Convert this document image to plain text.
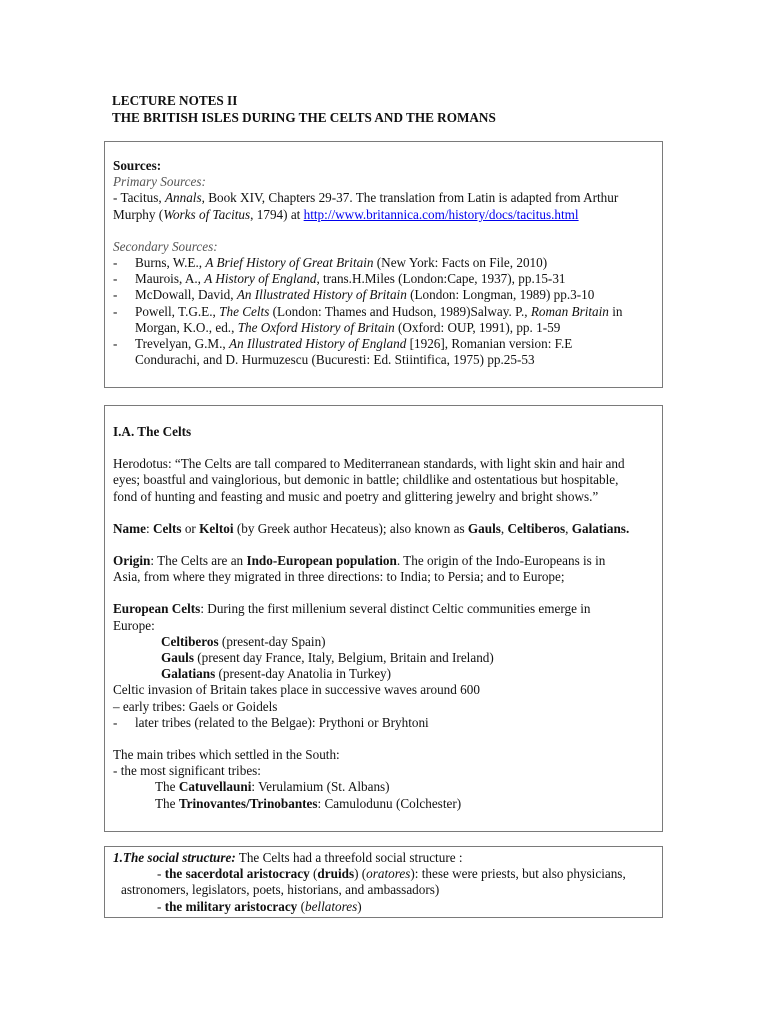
LECTURE NOTES II
THE BRITISH ISLES DURING THE CELTS AND THE ROMANS
Sources:
Primary Sources:
- Tacitus, Annals, Book XIV, Chapters 29-37. The translation from Latin is adapted from Arthur
Murphy (Works of Tacitus, 1794) at http://www.britannica.com/history/docs/tacitus.html
Secondary Sources:
-	Burns, W.E., A Brief History of Great Britain (New York: Facts on File, 2010)
-	Maurois, A., A History of England, trans.H.Miles (London:Cape, 1937), pp.15-31
-	McDowall, David, An Illustrated History of Britain (London: Longman, 1989) pp.3-10
-	Powell, T.G.E., The Celts (London: Thames and Hudson, 1989)Salway. P., Roman Britain in
Morgan, K.O., ed., The Oxford History of Britain (Oxford: OUP, 1991), pp. 1-59
-	Trevelyan, G.M., An Illustrated History of England [1926], Romanian version: F.E
Condurachi, and D. Hurmuzescu (Bucuresti: Ed. Stiintifica, 1975) pp.25-53
I.A. The Celts
Herodotus: “The Celts are tall compared to Mediterranean standards, with light skin and hair and
eyes; boastful and vainglorious, but demonic in battle; childlike and ostentatious but hospitable,
fond of hunting and feasting and music and poetry and glittering jewelry and bright shows.”
Name: Celts or Keltoi (by Greek author Hecateus); also known as Gauls, Celtiberos, Galatians.
Origin: The Celts are an Indo-European population. The origin of the Indo-Europeans is in
Asia, from where they migrated in three directions: to India; to Persia; and to Europe;
European Celts: During the first millenium several distinct Celtic communities emerge in
Europe:
Celtiberos (present-day Spain)
Gauls (present day France, Italy, Belgium, Britain and Ireland)
Galatians (present-day Anatolia in Turkey)
Celtic invasion of Britain takes place in successive waves around 600
– early tribes: Gaels or Goidels
-	later tribes (related to the Belgae): Prythoni or Bryhtoni
The main tribes which settled in the South:
- the most significant tribes:
The Catuvellauni: Verulamium (St. Albans)
The Trinovantes/Trinobantes: Camulodunu (Colchester)
1.The social structure: The Celts had a threefold social structure :
- the sacerdotal aristocracy (druids) (oratores): these were priests, but also physicians,
astronomers, legislators, poets, historians, and ambassadors)
- the military aristocracy (bellatores)
